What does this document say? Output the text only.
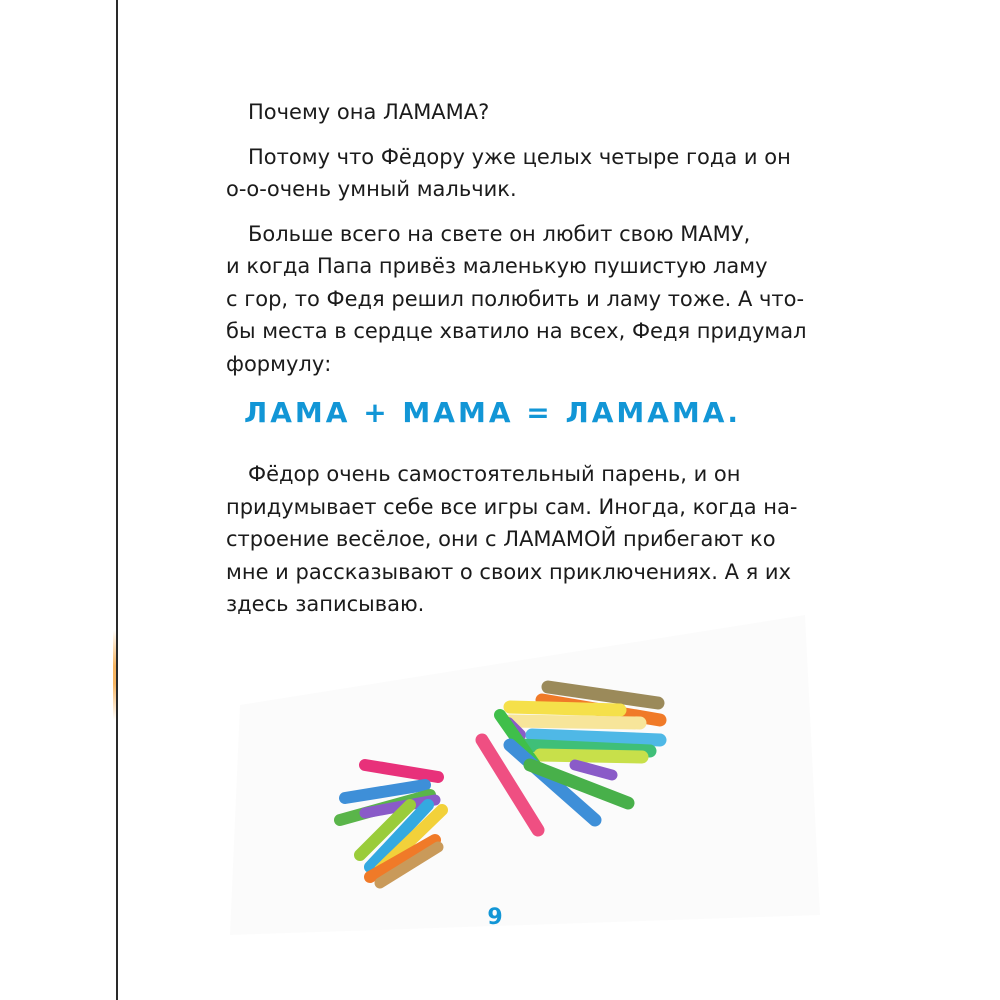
Почему она ЛАМАМА?

Потому что Фёдору уже целых четыре года и он
о-о-очень умный мальчик.

Больше всего на свете он любит свою МАМУ,
и когда Папа привёз маленькую пушистую ламу
с гор, то Федя решил полюбить и ламу тоже. А что-
бы места в сердце хватило на всех, Федя придумал
формулу:

ЛАМА + МАМА = ЛАМАМА.

Фёдор очень самостоятельный парень, и он
придумывает себе все игры сам. Иногда, когда на-
строение весёлое, они с ЛАМАМОЙ прибегают ко
мне и рассказывают о своих приключениях. А я их
здесь записываю.

9
